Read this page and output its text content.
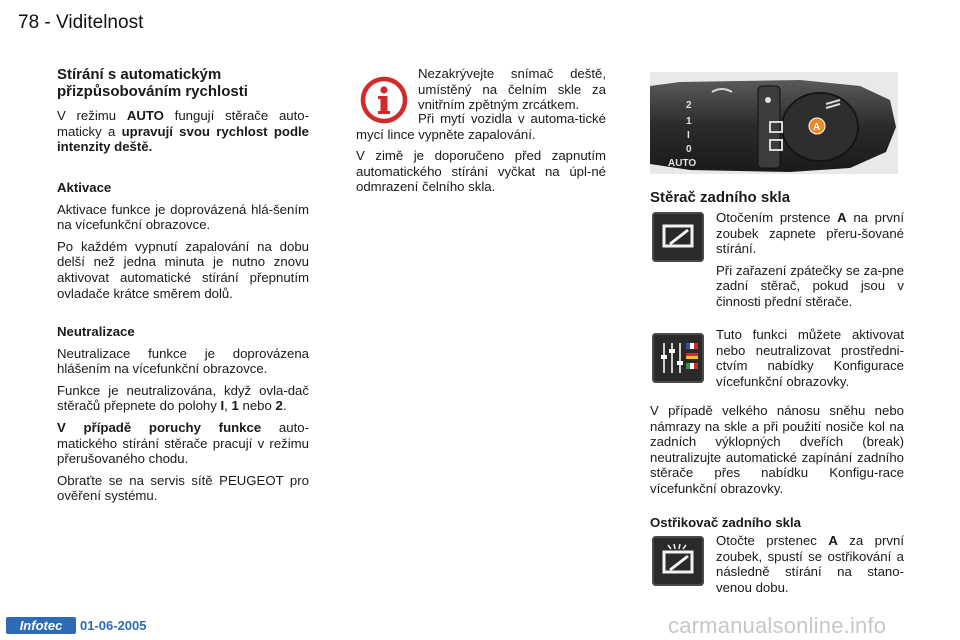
78 - Viditelnost
Stírání s automatickým
přizpůsobováním rychlosti

V režimu AUTO fungují stěrače auto-maticky a upravují svou rychlost podle intenzity deště.

Aktivace

Aktivace funkce je doprovázená hlá-šením na vícefunkční obrazovce.

Po každém vypnutí zapalování na dobu delší než jedna minuta je nutno znovu aktivovat automatické stírání přepnutím ovladače krátce směrem dolů.

Neutralizace

Neutralizace funkce je doprovázena hlášením na vícefunkční obrazovce.

Funkce je neutralizována, když ovla-dač stěračů přepnete do polohy I, 1 nebo 2.

V případě poruchy funkce auto-matického stírání stěrače pracují v režimu přerušovaného chodu.

Obraťte se na servis sítě PEUGEOT pro ověření systému.

Nezakrývejte snímač deště, umístěný na čelním skle za vnitřním zpětným zrcátkem.

Při mytí vozidla v automa-tické mycí lince vypněte zapalování.

V zimě je doporučeno před zapnutím automatického stírání vyčkat na úpl-né odmrazení čelního skla.

2
1
I
0
AUTO
A
Stěrač zadního skla

Otočením prstence A na první zoubek zapnete přeru-šované stírání.

Při zařazení zpátečky se za-pne zadní stěrač, pokud jsou v činnosti přední stěrače.

Tuto funkci můžete aktivovat nebo neutralizovat prostředni-ctvím nabídky Konfigurace vícefunkční obrazovky.

V případě velkého nánosu sněhu nebo námrazy na skle a při použití nosiče kol na zadních výklopných dveřích (break) neutralizujte automatické zapínání zadního stěrače přes nabídku Konfigu-race vícefunkční obrazovky.

Ostřikovač zadního skla

Otočte prstenec A za první zoubek, spustí se ostřikování a následně stírání na stano-venou dobu.

Infotec	01-06-2005	carmanualsonline.info
